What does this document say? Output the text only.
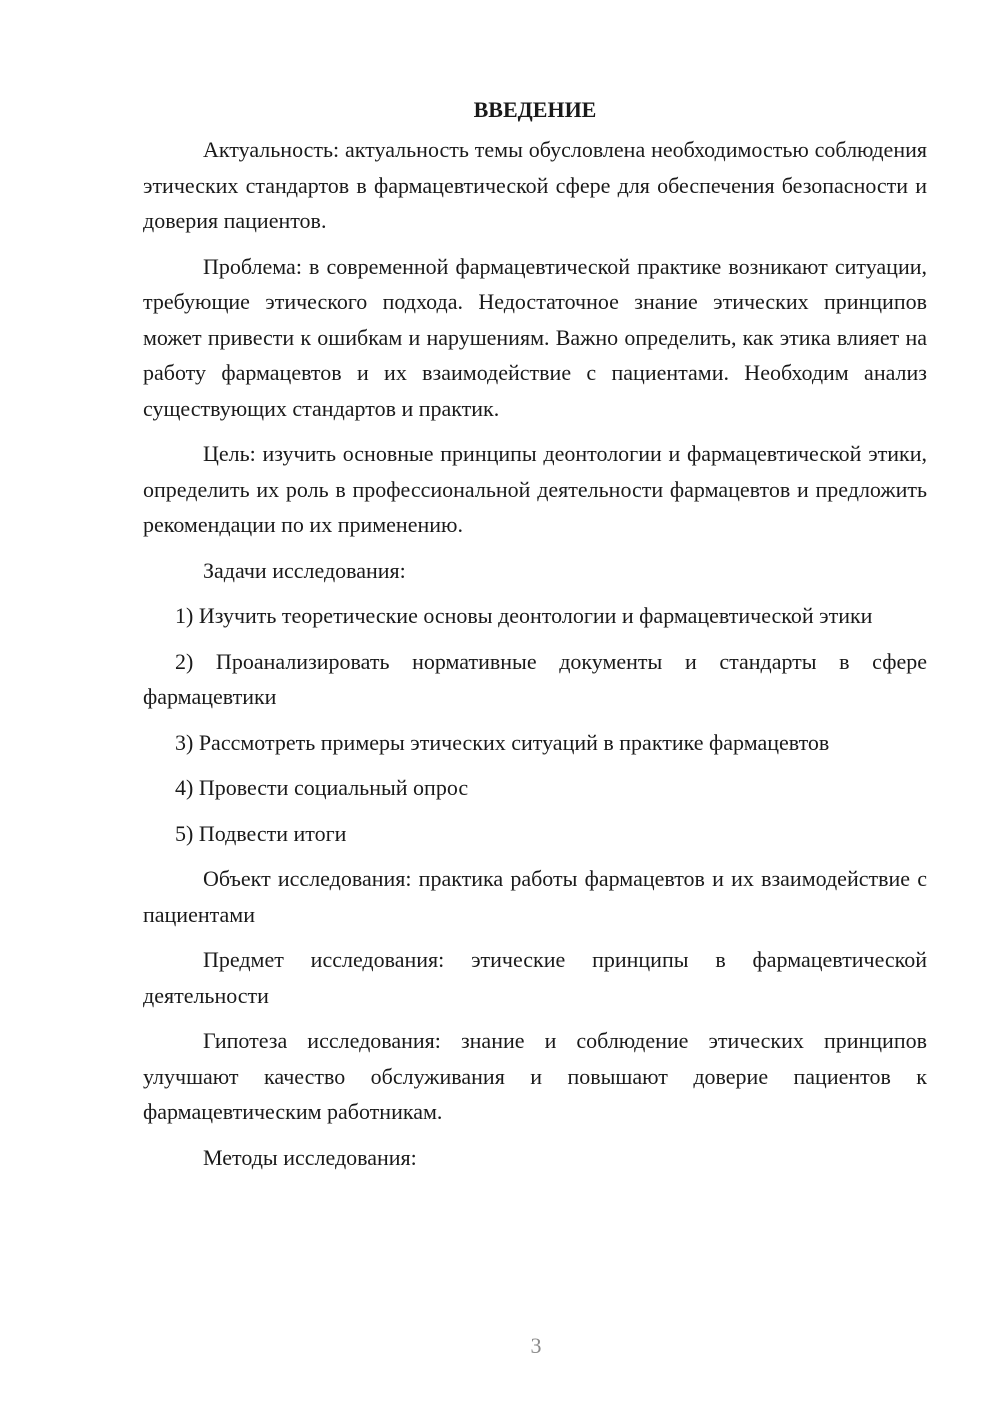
ВВЕДЕНИЕ

Актуальность: актуальность темы обусловлена необходимостью соблюдения этических стандартов в фармацевтической сфере для обеспечения безопасности и доверия пациентов.

Проблема: в современной фармацевтической практике возникают ситуации, требующие этического подхода. Недостаточное знание этических принципов может привести к ошибкам и нарушениям. Важно определить, как этика влияет на работу фармацевтов и их взаимодействие с пациентами. Необходим анализ существующих стандартов и практик.

Цель: изучить основные принципы деонтологии и фармацевтической этики, определить их роль в профессиональной деятельности фармацевтов и предложить рекомендации по их применению.

Задачи исследования:

1) Изучить теоретические основы деонтологии и фармацевтической этики

2) Проанализировать нормативные документы и стандарты в сфере фармацевтики

3) Рассмотреть примеры этических ситуаций в практике фармацевтов

4) Провести социальный опрос

5) Подвести итоги

Объект исследования: практика работы фармацевтов и их взаимодействие с пациентами

Предмет исследования: этические принципы в фармацевтической деятельности

Гипотеза исследования: знание и соблюдение этических принципов улучшают качество обслуживания и повышают доверие пациентов к фармацевтическим работникам.

Методы исследования:

3
